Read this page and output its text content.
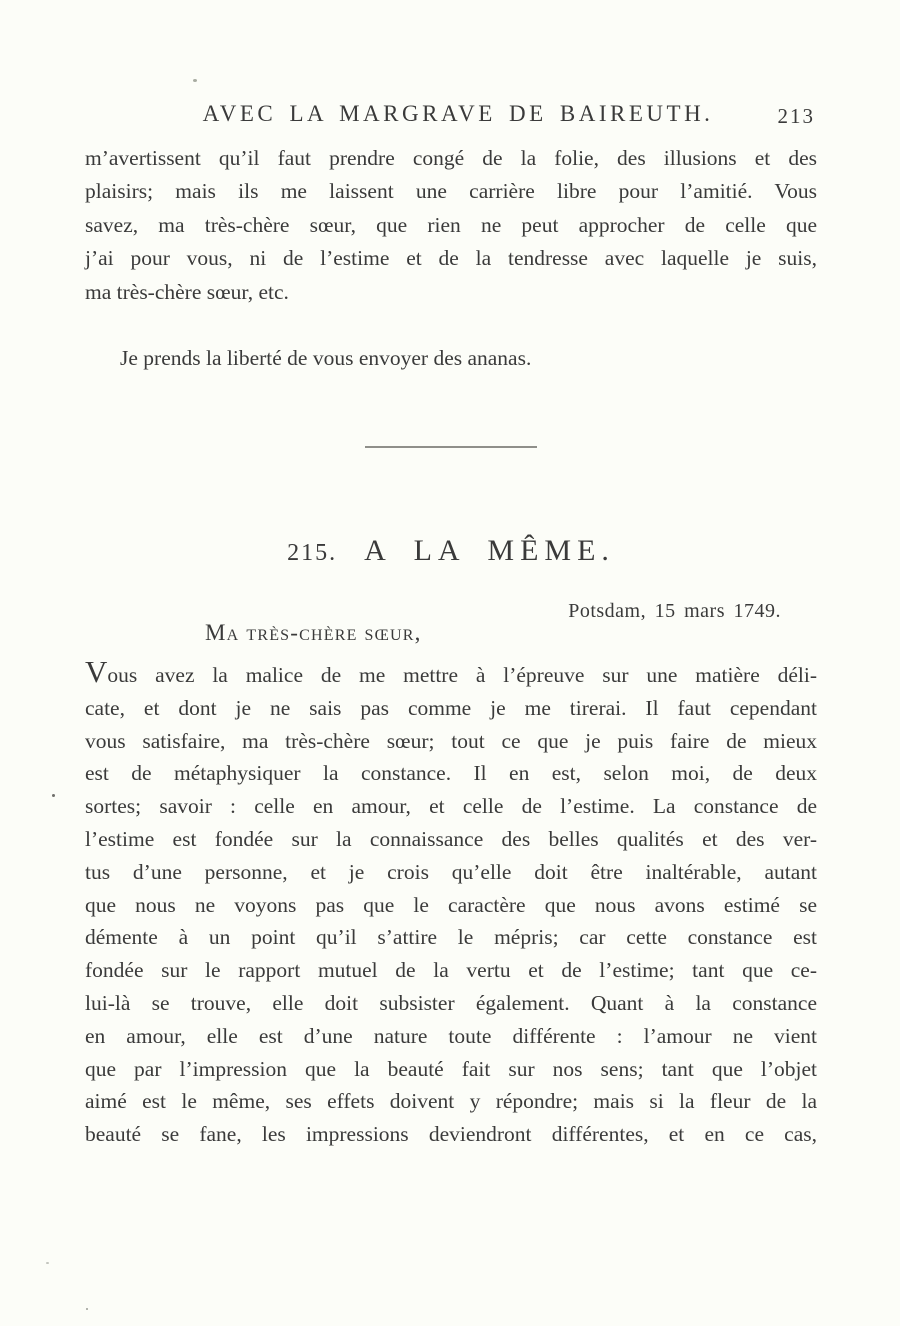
AVEC LA MARGRAVE DE BAIREUTH.	213
m’avertissent qu’il faut prendre congé de la folie, des illusions et des
plaisirs; mais ils me laissent une carrière libre pour l’amitié. Vous
savez, ma très-chère sœur, que rien ne peut approcher de celle que
j’ai pour vous, ni de l’estime et de la tendresse avec laquelle je suis,
ma très-chère sœur, etc.
Je prends la liberté de vous envoyer des ananas.
215. A LA MÊME.
Potsdam, 15 mars 1749.
Ma très-chère sœur,
Vous avez la malice de me mettre à l’épreuve sur une matière déli-
cate, et dont je ne sais pas comme je me tirerai. Il faut cependant
vous satisfaire, ma très-chère sœur; tout ce que je puis faire de mieux
est de métaphysiquer la constance. Il en est, selon moi, de deux
sortes; savoir : celle en amour, et celle de l’estime. La constance de
l’estime est fondée sur la connaissance des belles qualités et des ver-
tus d’une personne, et je crois qu’elle doit être inaltérable, autant
que nous ne voyons pas que le caractère que nous avons estimé se
démente à un point qu’il s’attire le mépris; car cette constance est
fondée sur le rapport mutuel de la vertu et de l’estime; tant que ce-
lui-là se trouve, elle doit subsister également. Quant à la constance
en amour, elle est d’une nature toute différente : l’amour ne vient
que par l’impression que la beauté fait sur nos sens; tant que l’objet
aimé est le même, ses effets doivent y répondre; mais si la fleur de la
beauté se fane, les impressions deviendront différentes, et en ce cas,
